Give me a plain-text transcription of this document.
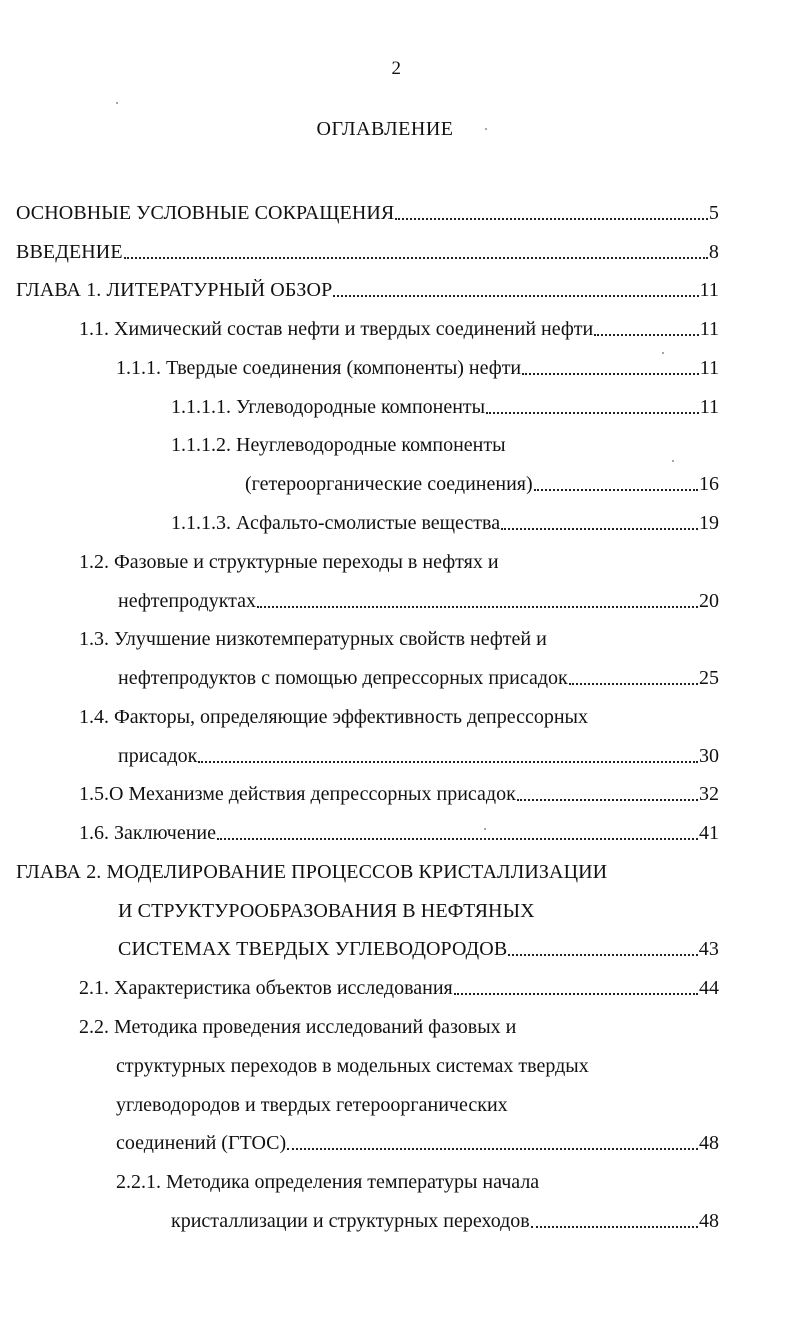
2
ОГЛАВЛЕНИЕ
ОСНОВНЫЕ УСЛОВНЫЕ СОКРАЩЕНИЯ	5
ВВЕДЕНИЕ	8
ГЛАВА 1. ЛИТЕРАТУРНЫЙ ОБЗОР	11
1.1. Химический состав нефти и твердых соединений нефти	11
1.1.1. Твердые соединения (компоненты) нефти	11
1.1.1.1. Углеводородные компоненты	11
1.1.1.2. Неуглеводородные компоненты
(гетероорганические соединения)	16
1.1.1.3. Асфальто-смолистые вещества	19
1.2. Фазовые и структурные переходы в нефтях и
нефтепродуктах	20
1.3. Улучшение низкотемпературных свойств нефтей и
нефтепродуктов с помощью депрессорных присадок	25
1.4. Факторы, определяющие эффективность депрессорных
присадок	30
1.5.О Механизме действия депрессорных присадок	32
1.6. Заключение	41
ГЛАВА 2. МОДЕЛИРОВАНИЕ ПРОЦЕССОВ КРИСТАЛЛИЗАЦИИ
И СТРУКТУРООБРАЗОВАНИЯ В НЕФТЯНЫХ
СИСТЕМАХ ТВЕРДЫХ УГЛЕВОДОРОДОВ	43
2.1. Характеристика объектов исследования	44
2.2. Методика проведения исследований фазовых и
структурных переходов в модельных системах твердых
углеводородов и твердых гетероорганических
соединений (ГТОС)	48
2.2.1. Методика определения температуры начала
кристаллизации и структурных переходов	48
